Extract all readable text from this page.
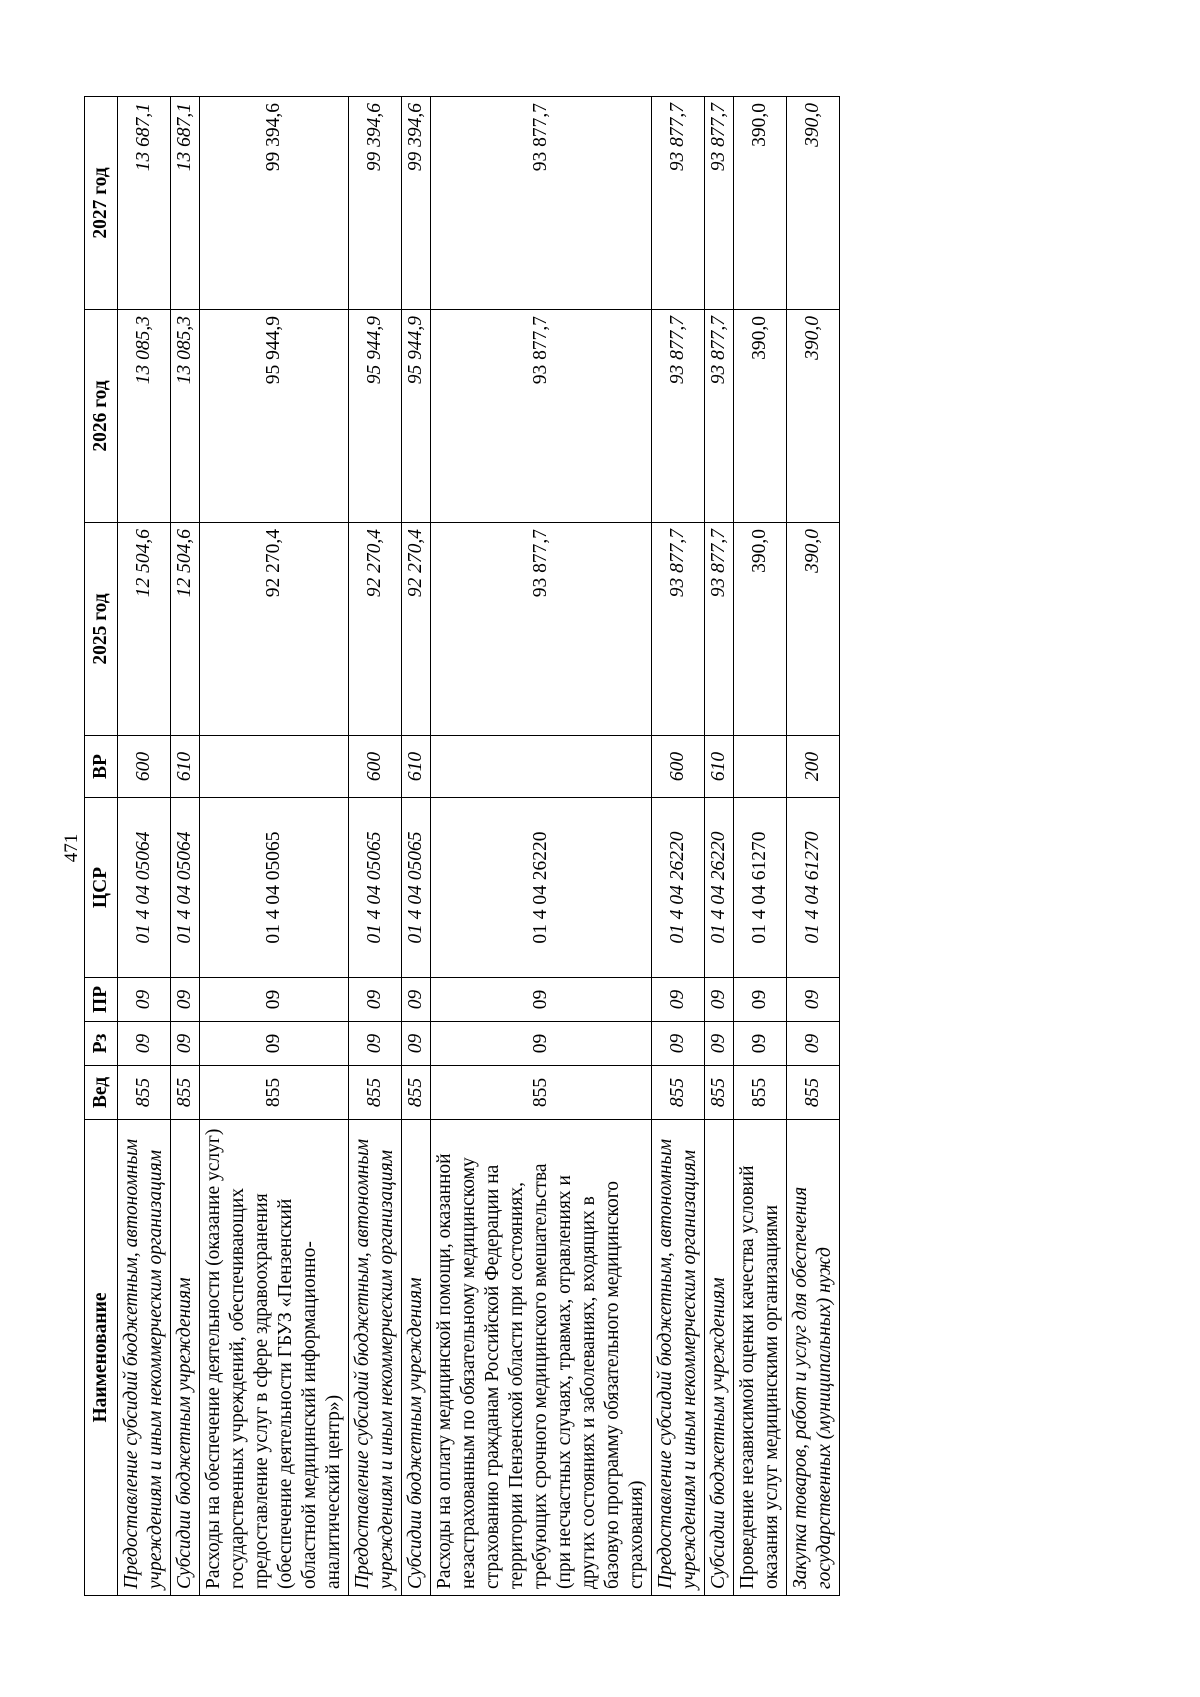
471
Наименование	Вед	Рз	ПР	ЦСР	ВР	2025 год	2026 год	2027 год
Предоставление субсидий бюджетным, автономным учреждениям и иным некоммерческим организациям	855	09	09	01 4 04 05064	600	12 504,6	13 085,3	13 687,1
Субсидии бюджетным учреждениям	855	09	09	01 4 04 05064	610	12 504,6	13 085,3	13 687,1
Расходы на обеспечение деятельности (оказание услуг) государственных учреждений, обеспечивающих предоставление услуг в сфере здравоохранения (обеспечение деятельности ГБУЗ «Пензенский областной медицинский информационно-аналитический центр»)	855	09	09	01 4 04 05065		92 270,4	95 944,9	99 394,6
Предоставление субсидий бюджетным, автономным учреждениям и иным некоммерческим организациям	855	09	09	01 4 04 05065	600	92 270,4	95 944,9	99 394,6
Субсидии бюджетным учреждениям	855	09	09	01 4 04 05065	610	92 270,4	95 944,9	99 394,6
Расходы на оплату медицинской помощи, оказанной незастрахованным по обязательному медицинскому страхованию гражданам Российской Федерации на территории Пензенской области при состояниях, требующих срочного медицинского вмешательства (при несчастных случаях, травмах, отравлениях и других состояниях и заболеваниях, входящих в базовую программу обязательного медицинского страхования)	855	09	09	01 4 04 26220		93 877,7	93 877,7	93 877,7
Предоставление субсидий бюджетным, автономным учреждениям и иным некоммерческим организациям	855	09	09	01 4 04 26220	600	93 877,7	93 877,7	93 877,7
Субсидии бюджетным учреждениям	855	09	09	01 4 04 26220	610	93 877,7	93 877,7	93 877,7
Проведение независимой оценки качества условий оказания услуг медицинскими организациями	855	09	09	01 4 04 61270		390,0	390,0	390,0
Закупка товаров, работ и услуг для обеспечения государственных (муниципальных) нужд	855	09	09	01 4 04 61270	200	390,0	390,0	390,0
